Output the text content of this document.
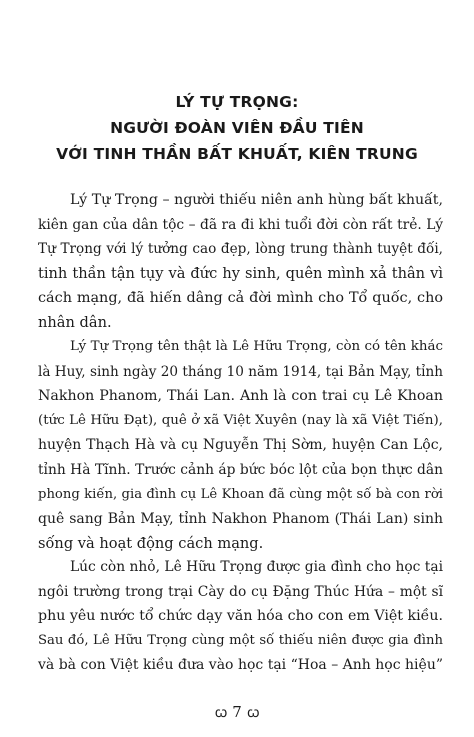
LÝ TỰ TRỌNG:
NGƯỜI ĐOÀN VIÊN ĐẦU TIÊN
VỚI TINH THẦN BẤT KHUẤT, KIÊN TRUNG
Lý Tự Trọng – người thiếu niên anh hùng bất khuất,
kiên gan của dân tộc – đã ra đi khi tuổi đời còn rất trẻ. Lý
Tự Trọng với lý tưởng cao đẹp, lòng trung thành tuyệt đối,
tinh thần tận tụy và đức hy sinh, quên mình xả thân vì
cách mạng, đã hiến dâng cả đời mình cho Tổ quốc, cho
nhân dân.
Lý Tự Trọng tên thật là Lê Hữu Trọng, còn có tên khác
là Huy, sinh ngày 20 tháng 10 năm 1914, tại Bản Mạy, tỉnh
Nakhon Phanom, Thái Lan. Anh là con trai cụ Lê Khoan
(tức Lê Hữu Đạt), quê ở xã Việt Xuyên (nay là xã Việt Tiến),
huyện Thạch Hà và cụ Nguyễn Thị Sờm, huyện Can Lộc,
tỉnh Hà Tĩnh. Trước cảnh áp bức bóc lột của bọn thực dân
phong kiến, gia đình cụ Lê Khoan đã cùng một số bà con rời
quê sang Bản Mạy, tỉnh Nakhon Phanom (Thái Lan) sinh
sống và hoạt động cách mạng.
Lúc còn nhỏ, Lê Hữu Trọng được gia đình cho học tại
ngôi trường trong trại Cày do cụ Đặng Thúc Hứa – một sĩ
phu yêu nước tổ chức dạy văn hóa cho con em Việt kiều.
Sau đó, Lê Hữu Trọng cùng một số thiếu niên được gia đình
và bà con Việt kiều đưa vào học tại “Hoa – Anh học hiệu”
ꞷ 7 ꞷ
